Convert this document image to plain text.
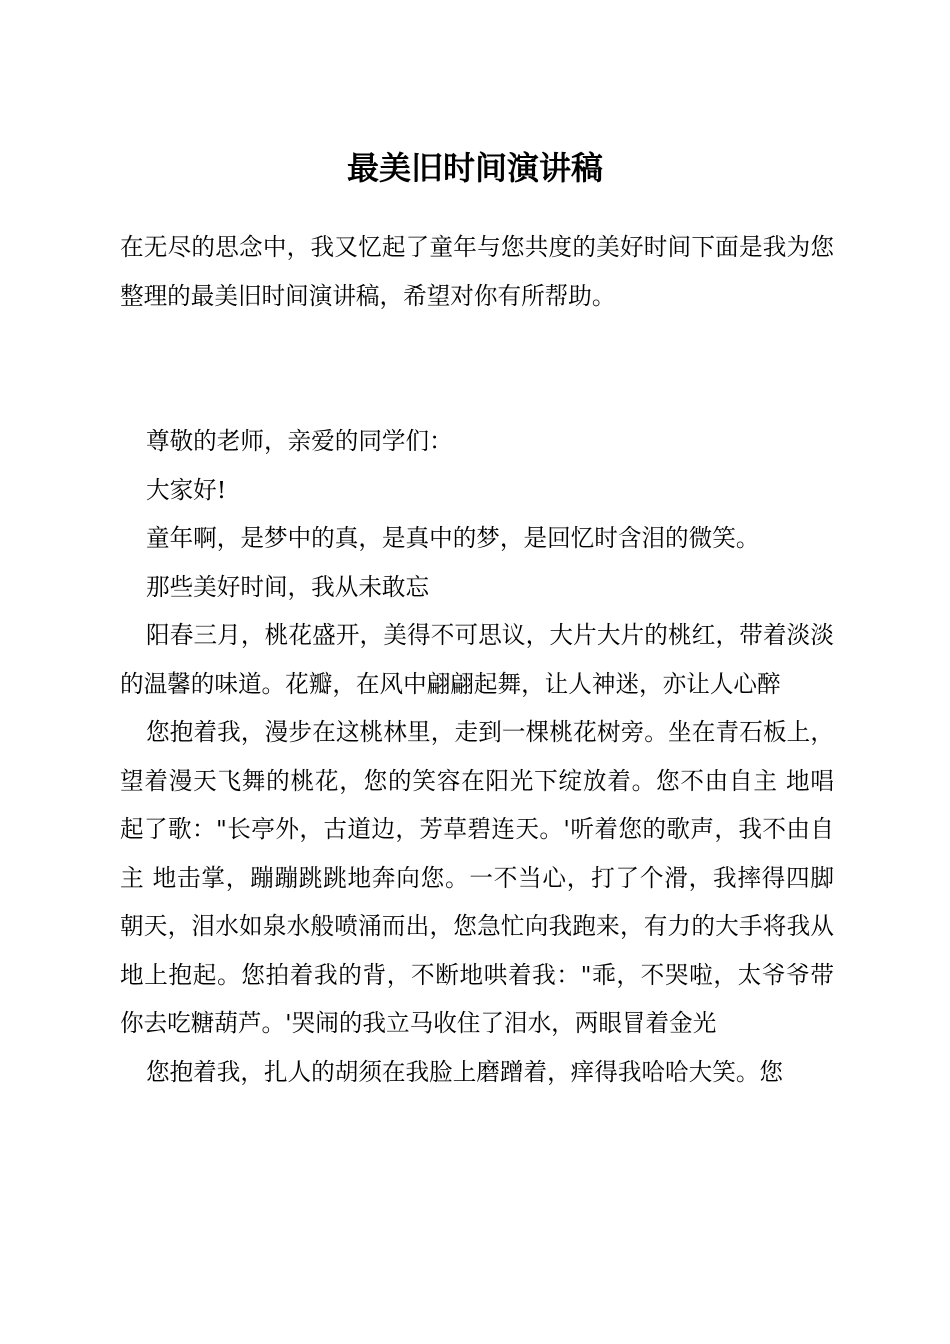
最美旧时间演讲稿

在无尽的思念中，我又忆起了童年与您共度的美好时间下面是我为您整理的最美旧时间演讲稿，希望对你有所帮助。

尊敬的老师，亲爱的同学们：

大家好!

童年啊，是梦中的真，是真中的梦，是回忆时含泪的微笑。

那些美好时间，我从未敢忘

阳春三月，桃花盛开，美得不可思议，大片大片的桃红，带着淡淡的温馨的味道。花瓣，在风中翩翩起舞，让人神迷，亦让人心醉

您抱着我，漫步在这桃林里，走到一棵桃花树旁。坐在青石板上，望着漫天飞舞的桃花，您的笑容在阳光下绽放着。您不由自主 地唱起了歌："长亭外，古道边，芳草碧连天。'听着您的歌声，我不由自主 地击掌，蹦蹦跳跳地奔向您。一不当心，打了个滑，我摔得四脚朝天，泪水如泉水般喷涌而出，您急忙向我跑来，有力的大手将我从地上抱起。您拍着我的背，不断地哄着我："乖，不哭啦，太爷爷带你去吃糖葫芦。'哭闹的我立马收住了泪水，两眼冒着金光

您抱着我，扎人的胡须在我脸上磨蹭着，痒得我哈哈大笑。您
